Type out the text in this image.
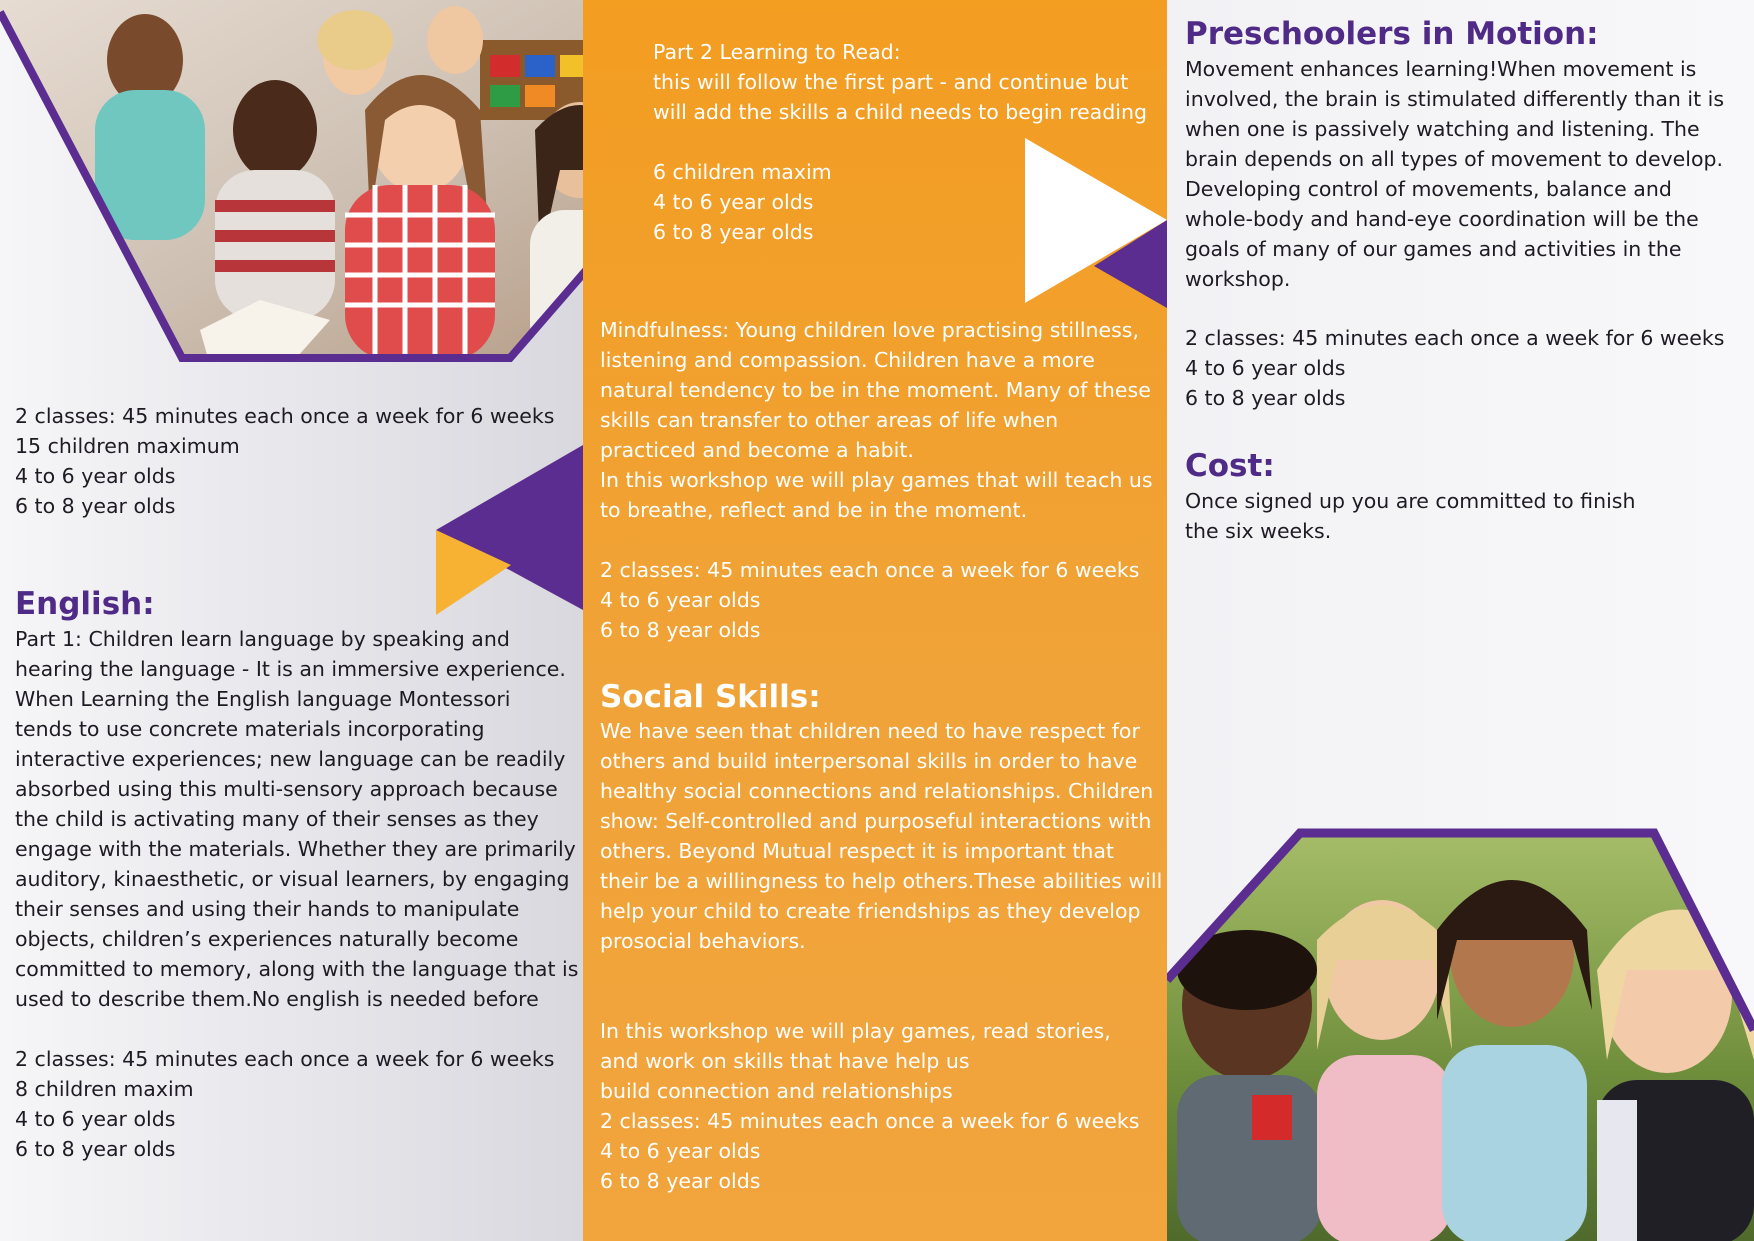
2 classes: 45 minutes each once a week for 6 weeks
15 children maximum
4 to 6 year olds
6 to 8 year olds
English:
Part 1: Children learn language by speaking and
hearing the language - It is an immersive experience.
When Learning the English language Montessori
tends to use concrete materials incorporating
interactive experiences; new language can be readily
absorbed using this multi-sensory approach because
the child is activating many of their senses as they
engage with the materials. Whether they are primarily
auditory, kinaesthetic, or visual learners, by engaging
their senses and using their hands to manipulate
objects, children’s experiences naturally become
committed to memory, along with the language that is
used to describe them.No english is needed before
2 classes: 45 minutes each once a week for 6 weeks
8 children maxim
4 to 6 year olds
6 to 8 year olds
Part 2 Learning to Read:
this will follow the first part - and continue but
will add the skills a child needs to begin reading

6 children maxim
4 to 6 year olds
6 to 8 year olds
Mindfulness: Young children love practising stillness,
listening and compassion. Children have a more
natural tendency to be in the moment. Many of these
skills can transfer to other areas of life when
practiced and become a habit.
In this workshop we will play games that will teach us
to breathe, reflect and be in the moment.
2 classes: 45 minutes each once a week for 6 weeks
4 to 6 year olds
6 to 8 year olds
Social Skills:
We have seen that children need to have respect for
others and build interpersonal skills in order to have
healthy social connections and relationships. Children
show: Self-controlled and purposeful interactions with
others. Beyond Mutual respect it is important that
their be a willingness to help others.These abilities will
help your child to create friendships as they develop
prosocial behaviors.
In this workshop we will play games, read stories,
and work on skills that have help us
build connection and relationships
2 classes: 45 minutes each once a week for 6 weeks
4 to 6 year olds
6 to 8 year olds
Preschoolers in Motion:
Movement enhances learning!When movement is
involved, the brain is stimulated differently than it is
when one is passively watching and listening. The
brain depends on all types of movement to develop.
Developing control of movements, balance and
whole-body and hand-eye coordination will be the
goals of many of our games and activities in the
workshop.
2 classes: 45 minutes each once a week for 6 weeks
4 to 6 year olds
6 to 8 year olds
Cost:
Once signed up you are committed to finish
the six weeks.
